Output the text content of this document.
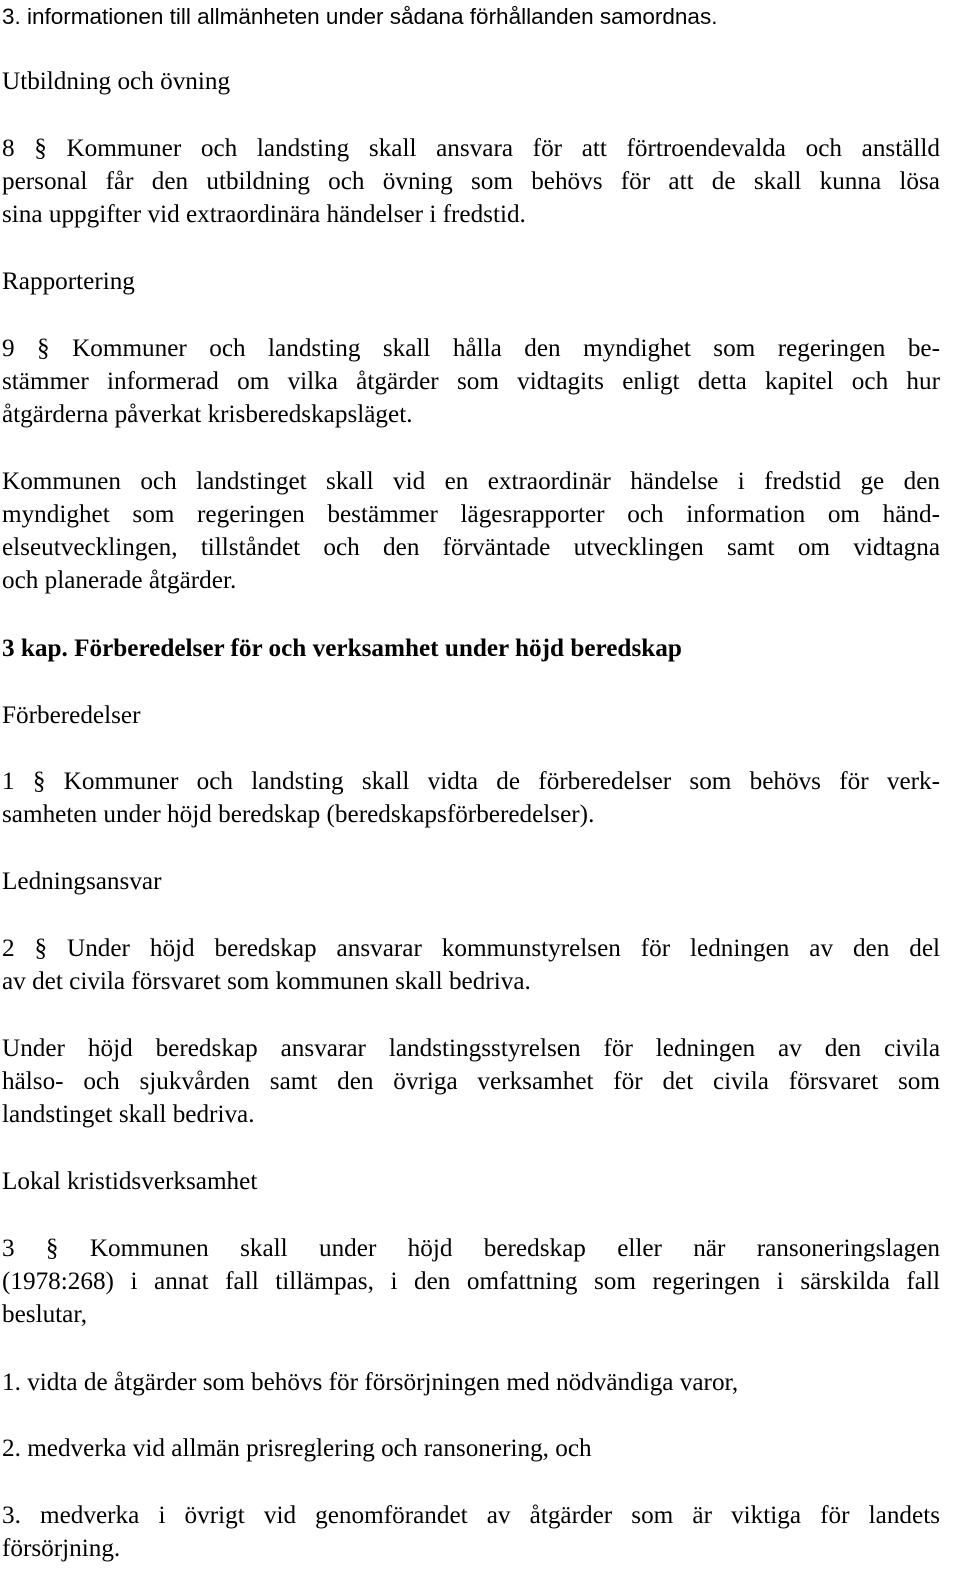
3. informationen till allmänheten under sådana förhållanden samordnas.

Utbildning och övning

8 § Kommuner och landsting skall ansvara för att förtroendevalda och anställd
personal får den utbildning och övning som behövs för att de skall kunna lösa
sina uppgifter vid extraordinära händelser i fredstid.

Rapportering

9 § Kommuner och landsting skall hålla den myndighet som regeringen be-
stämmer informerad om vilka åtgärder som vidtagits enligt detta kapitel och hur
åtgärderna påverkat krisberedskapsläget.

Kommunen och landstinget skall vid en extraordinär händelse i fredstid ge den
myndighet som regeringen bestämmer lägesrapporter och information om händ-
elseutvecklingen, tillståndet och den förväntade utvecklingen samt om vidtagna
och planerade åtgärder.

3 kap. Förberedelser för och verksamhet under höjd beredskap

Förberedelser

1 § Kommuner och landsting skall vidta de förberedelser som behövs för verk-
samheten under höjd beredskap (beredskapsförberedelser).

Ledningsansvar

2 § Under höjd beredskap ansvarar kommunstyrelsen för ledningen av den del
av det civila försvaret som kommunen skall bedriva.

Under höjd beredskap ansvarar landstingsstyrelsen för ledningen av den civila
hälso- och sjukvården samt den övriga verksamhet för det civila försvaret som
landstinget skall bedriva.

Lokal kristidsverksamhet

3 § Kommunen skall under höjd beredskap eller när ransoneringslagen
(1978:268) i annat fall tillämpas, i den omfattning som regeringen i särskilda fall
beslutar,

1. vidta de åtgärder som behövs för försörjningen med nödvändiga varor,

2. medverka vid allmän prisreglering och ransonering, och

3. medverka i övrigt vid genomförandet av åtgärder som är viktiga för landets
försörjning.
